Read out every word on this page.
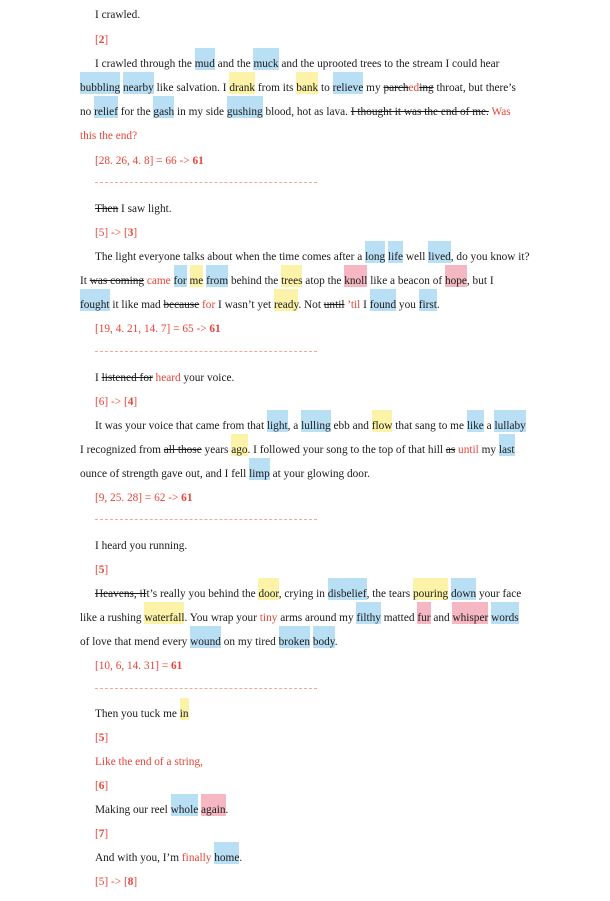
I crawled.
[2]
I crawled through the mud and the muck and the uprooted trees to the stream I could hear
bubbling nearby like salvation. I drank from its bank to relieve my parcheding throat, but there’s
no relief for the gash in my side gushing blood, hot as lava. I thought it was the end of me. Was
this the end?
[28. 26, 4. 8] = 66 -> 61
Then I saw light.
[5] -> [3]
The light everyone talks about when the time comes after a long life well lived, do you know it?
It was coming came for me from behind the trees atop the knoll like a beacon of hope, but I
fought it like mad because for I wasn’t yet ready. Not until ’til I found you first.
[19, 4. 21, 14. 7] = 65 -> 61
I listened for heard your voice.
[6] -> [4]
It was your voice that came from that light, a lulling ebb and flow that sang to me like a lullaby
I recognized from all those years ago. I followed your song to the top of that hill as until my last
ounce of strength gave out, and I fell limp at your glowing door.
[9, 25. 28] = 62 -> 61
I heard you running.
[5]
Heavens, iIt’s really you behind the door, crying in disbelief, the tears pouring down your face
like a rushing waterfall. You wrap your tiny arms around my filthy matted fur and whisper words
of love that mend every wound on my tired broken body.
[10, 6, 14. 31] = 61
Then you tuck me in
[5]
Like the end of a string,
[6]
Making our reel whole again.
[7]
And with you, I’m finally home.
[5] -> [8]
